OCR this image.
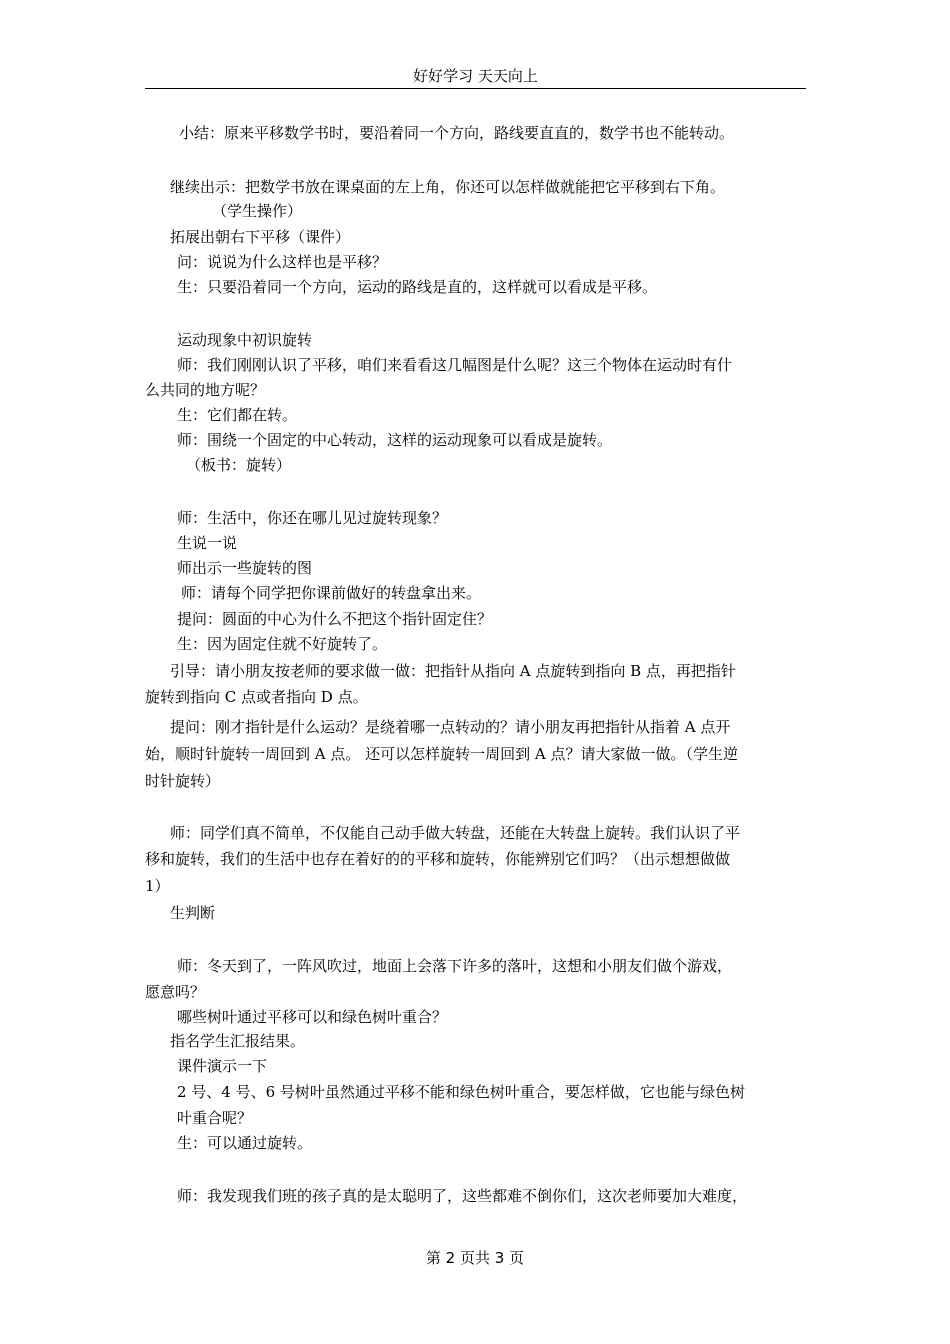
好好学习 天天向上
小结：原来平移数学书时，要沿着同一个方向，路线要直直的，数学书也不能转动。
继续出示：把数学书放在课桌面的左上角，你还可以怎样做就能把它平移到右下角。
（学生操作）
拓展出朝右下平移（课件）
问：说说为什么这样也是平移？
生：只要沿着同一个方向，运动的路线是直的，这样就可以看成是平移。
运动现象中初识旋转
师：我们刚刚认识了平移，咱们来看看这几幅图是什么呢？这三个物体在运动时有什
么共同的地方呢？
生：它们都在转。
师：围绕一个固定的中心转动，这样的运动现象可以看成是旋转。
（板书：旋转）
师：生活中，你还在哪儿见过旋转现象？
生说一说
师出示一些旋转的图
师：请每个同学把你课前做好的转盘拿出来。
提问：圆面的中心为什么不把这个指针固定住？
生：因为固定住就不好旋转了。
引导：请小朋友按老师的要求做一做：把指针从指向 A 点旋转到指向 B 点，再把指针
旋转到指向 C 点或者指向 D 点。
提问：刚才指针是什么运动？是绕着哪一点转动的？请小朋友再把指针从指着 A 点开
始，顺时针旋转一周回到 A 点。 还可以怎样旋转一周回到 A 点？请大家做一做。（学生逆
时针旋转）
师：同学们真不简单，不仅能自己动手做大转盘，还能在大转盘上旋转。我们认识了平
移和旋转，我们的生活中也存在着好的的平移和旋转，你能辨别它们吗？（出示想想做做
1）
生判断
师：冬天到了，一阵风吹过，地面上会落下许多的落叶，这想和小朋友们做个游戏，
愿意吗？
哪些树叶通过平移可以和绿色树叶重合？
指名学生汇报结果。
课件演示一下
2 号、4 号、6 号树叶虽然通过平移不能和绿色树叶重合，要怎样做，它也能与绿色树
叶重合呢？
生：可以通过旋转。
师：我发现我们班的孩子真的是太聪明了，这些都难不倒你们，这次老师要加大难度，
第 2 页共 3 页
